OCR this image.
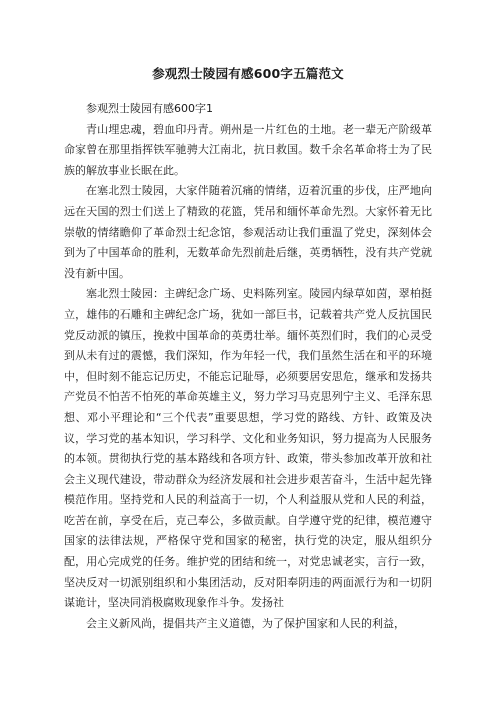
参观烈士陵园有感600字五篇范文
参观烈士陵园有感600字1

青山埋忠魂，碧血印丹青。朔州是一片红色的土地。老一辈无产阶级革命家曾在那里指挥铁军驰骋大江南北，抗日救国。数千余名革命将士为了民族的解放事业长眠在此。

在塞北烈士陵园，大家伴随着沉痛的情绪，迈着沉重的步伐，庄严地向远在天国的烈士们送上了精致的花篮，凭吊和缅怀革命先烈。大家怀着无比崇敬的情绪瞻仰了革命烈士纪念馆，参观活动让我们重温了党史，深刻体会到为了中国革命的胜利，无数革命先烈前赴后继，英勇牺牲，没有共产党就没有新中国。

塞北烈士陵园：主碑纪念广场、史料陈列室。陵园内绿草如茵，翠柏挺立，雄伟的石雕和主碑纪念广场，犹如一部巨书，记载着共产党人反抗国民党反动派的镇压，挽救中国革命的英勇壮举。缅怀英烈们时，我们的心灵受到从未有过的震憾，我们深知，作为年轻一代，我们虽然生活在和平的环境中，但时刻不能忘记历史，不能忘记耻辱，必须要居安思危，继承和发扬共产党员不怕苦不怕死的革命英雄主义，努力学习马克思列宁主义、毛泽东思想、邓小平理论和“三个代表”重要思想，学习党的路线、方针、政策及决议，学习党的基本知识，学习科学、文化和业务知识，努力提高为人民服务的本领。贯彻执行党的基本路线和各项方针、政策，带头参加改革开放和社会主义现代建设，带动群众为经济发展和社会进步艰苦奋斗，生活中起先锋模范作用。坚持党和人民的利益高于一切，个人利益服从党和人民的利益，吃苦在前，享受在后，克己奉公，多做贡献。自学遵守党的纪律，模范遵守国家的法律法规，严格保守党和国家的秘密，执行党的决定，服从组织分配，用心完成党的任务。维护党的团结和统一，对党忠诚老实，言行一致，坚决反对一切派别组织和小集团活动，反对阳奉阴违的两面派行为和一切阴谋诡计，坚决同消极腐败现象作斗争。发扬社

会主义新风尚，提倡共产主义道德，为了保护国家和人民的利益，
